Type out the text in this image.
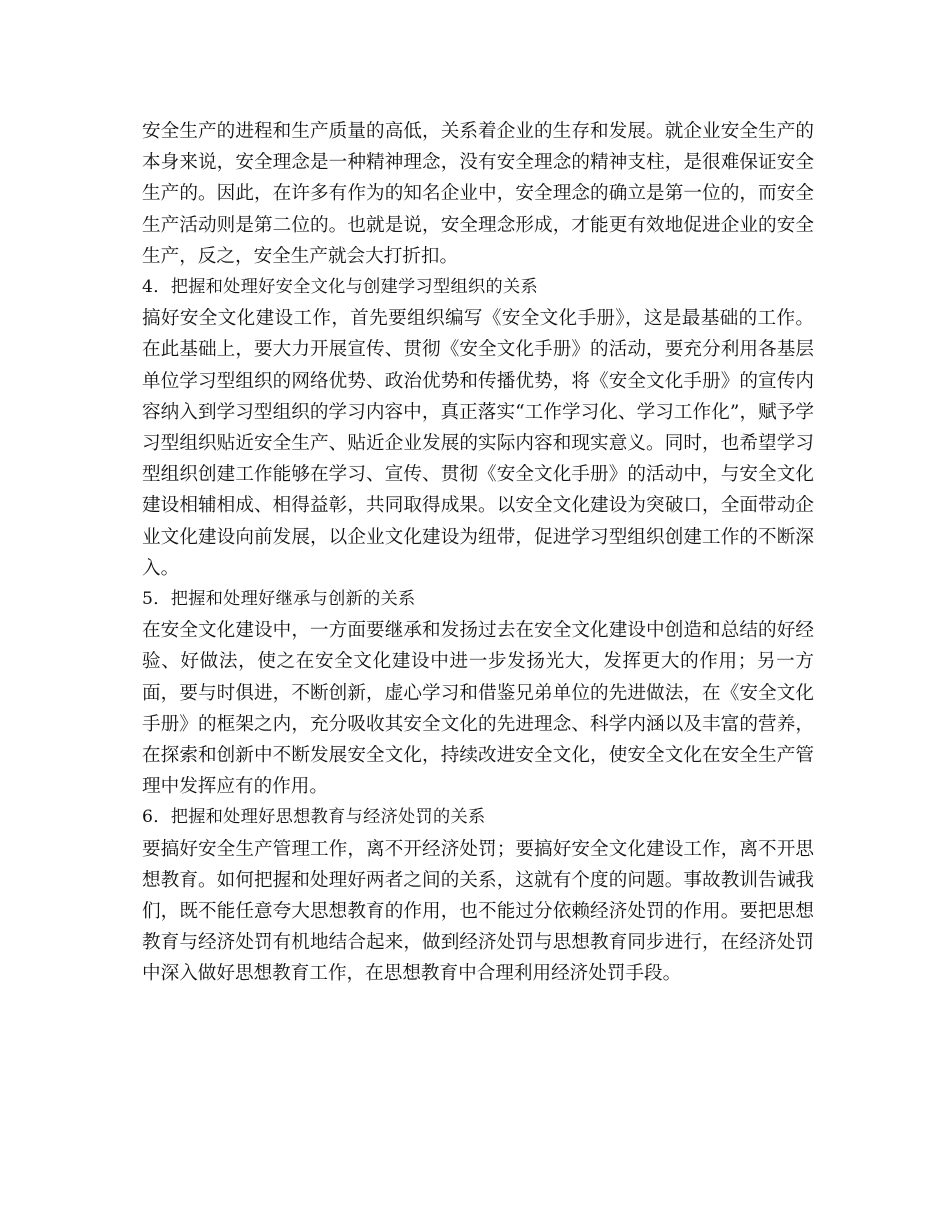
安全生产的进程和生产质量的高低，关系着企业的生存和发展。就企业安全生产的本身来说，安全理念是一种精神理念，没有安全理念的精神支柱，是很难保证安全生产的。因此，在许多有作为的知名企业中，安全理念的确立是第一位的，而安全生产活动则是第二位的。也就是说，安全理念形成，才能更有效地促进企业的安全生产，反之，安全生产就会大打折扣。

4．把握和处理好安全文化与创建学习型组织的关系

搞好安全文化建设工作，首先要组织编写《安全文化手册》，这是最基础的工作。在此基础上，要大力开展宣传、贯彻《安全文化手册》的活动，要充分利用各基层单位学习型组织的网络优势、政治优势和传播优势，将《安全文化手册》的宣传内容纳入到学习型组织的学习内容中，真正落实“工作学习化、学习工作化”，赋予学习型组织贴近安全生产、贴近企业发展的实际内容和现实意义。同时，也希望学习型组织创建工作能够在学习、宣传、贯彻《安全文化手册》的活动中，与安全文化建设相辅相成、相得益彰，共同取得成果。以安全文化建设为突破口，全面带动企业文化建设向前发展，以企业文化建设为纽带，促进学习型组织创建工作的不断深入。

5．把握和处理好继承与创新的关系

在安全文化建设中，一方面要继承和发扬过去在安全文化建设中创造和总结的好经验、好做法，使之在安全文化建设中进一步发扬光大，发挥更大的作用；另一方面，要与时俱进，不断创新，虚心学习和借鉴兄弟单位的先进做法，在《安全文化手册》的框架之内，充分吸收其安全文化的先进理念、科学内涵以及丰富的营养，在探索和创新中不断发展安全文化，持续改进安全文化，使安全文化在安全生产管理中发挥应有的作用。

6．把握和处理好思想教育与经济处罚的关系

要搞好安全生产管理工作，离不开经济处罚；要搞好安全文化建设工作，离不开思想教育。如何把握和处理好两者之间的关系，这就有个度的问题。事故教训告诫我们，既不能任意夸大思想教育的作用，也不能过分依赖经济处罚的作用。要把思想教育与经济处罚有机地结合起来，做到经济处罚与思想教育同步进行，在经济处罚中深入做好思想教育工作，在思想教育中合理利用经济处罚手段。
